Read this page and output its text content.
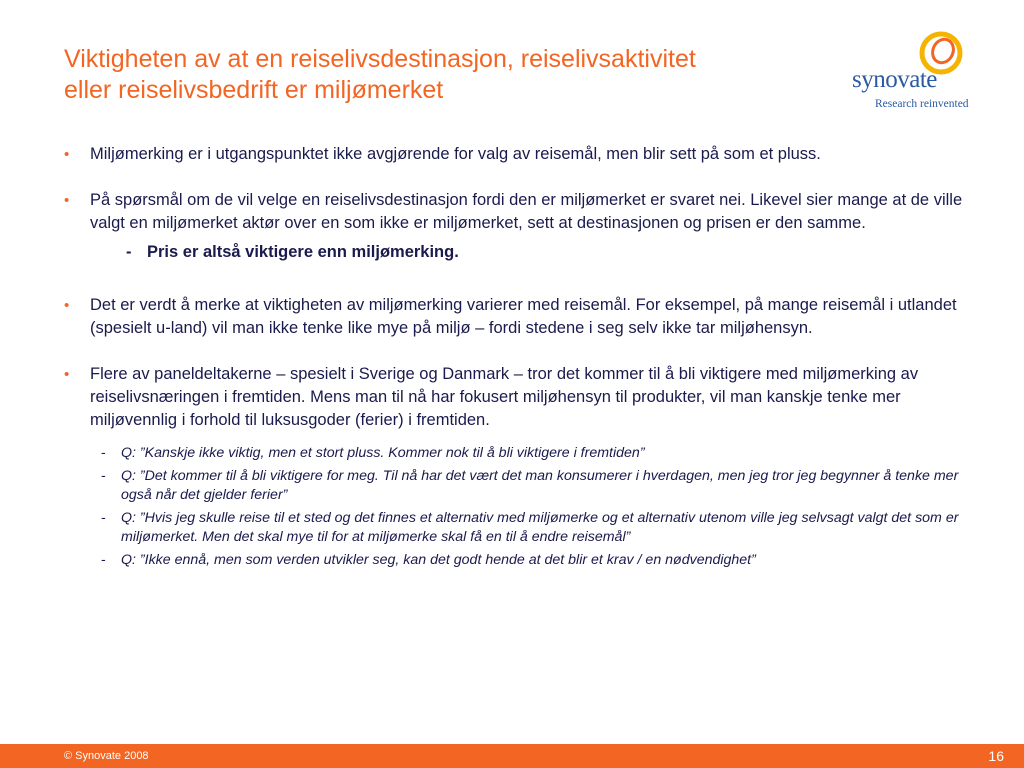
Viktigheten av at en reiselivsdestinasjon, reiselivsaktivitet
eller reiselivsbedrift er miljømerket	synovate
Research reinvented
• Miljømerking er i utgangspunktet ikke avgjørende for valg av reisemål, men blir sett på som et pluss.
• På spørsmål om de vil velge en reiselivsdestinasjon fordi den er miljømerket er svaret nei. Likevel sier mange at de ville valgt en miljømerket aktør over en som ikke er miljømerket, sett at destinasjonen og prisen er den samme.
- Pris er altså viktigere enn miljømerking.
• Det er verdt å merke at viktigheten av miljømerking varierer med reisemål. For eksempel, på mange reisemål i utlandet (spesielt u-land) vil man ikke tenke like mye på miljø – fordi stedene i seg selv ikke tar miljøhensyn.
• Flere av paneldeltakerne – spesielt i Sverige og Danmark – tror det kommer til å bli viktigere med miljømerking av reiselivsnæringen i fremtiden. Mens man til nå har fokusert miljøhensyn til produkter, vil man kanskje tenke mer miljøvennlig i forhold til luksusgoder (ferier) i fremtiden.
- Q: ”Kanskje ikke viktig, men et stort pluss. Kommer nok til å bli viktigere i fremtiden”
- Q: ”Det kommer til å bli viktigere for meg. Til nå har det vært det man konsumerer i hverdagen, men jeg tror jeg begynner å tenke mer også når det gjelder ferier”
- Q: ”Hvis jeg skulle reise til et sted og det finnes et alternativ med miljømerke og et alternativ utenom ville jeg selvsagt valgt det som er miljømerket. Men det skal mye til for at miljømerke skal få en til å endre reisemål”
- Q: ”Ikke ennå, men som verden utvikler seg, kan det godt hende at det blir et krav / en nødvendighet”
© Synovate 2008	16
